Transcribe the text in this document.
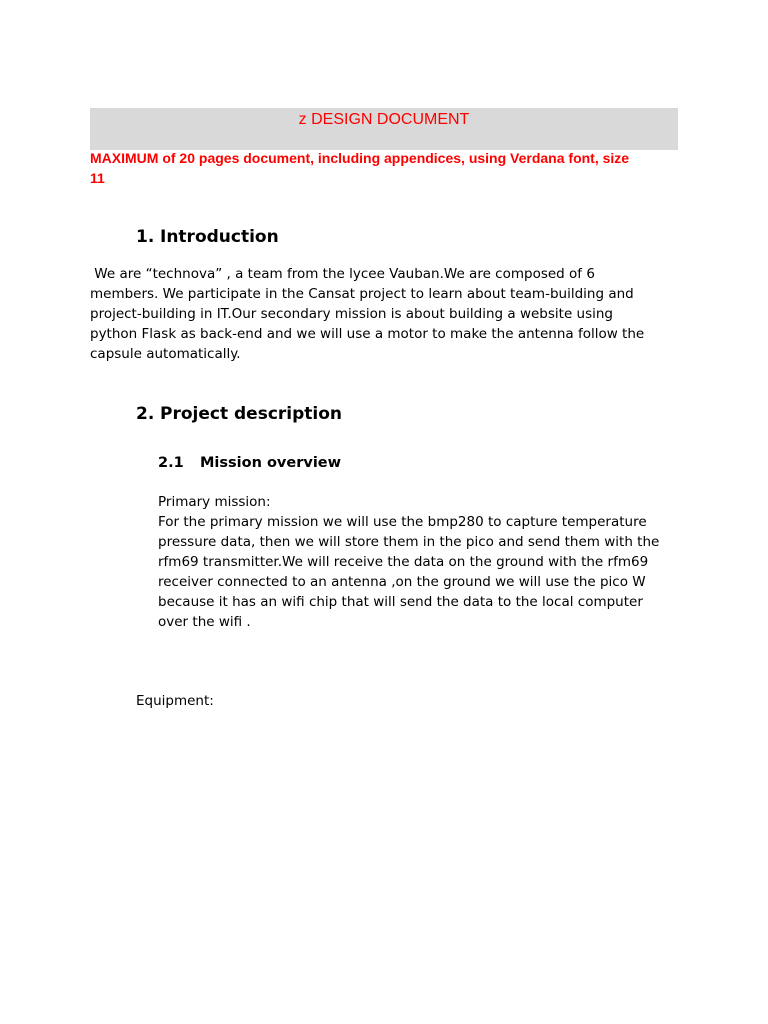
z DESIGN DOCUMENT
MAXIMUM of 20 pages document, including appendices, using Verdana font, size
11
1. Introduction
We are “technova” , a team from the lycee Vauban.We are composed of 6
members. We participate in the Cansat project to learn about team-building and
project-building in IT.Our secondary mission is about building a website using
python Flask as back-end and we will use a motor to make the antenna follow the
capsule automatically.
2. Project description
2.1 Mission overview
Primary mission:
For the primary mission we will use the bmp280 to capture temperature
pressure data, then we will store them in the pico and send them with the
rfm69 transmitter.We will receive the data on the ground with the rfm69
receiver connected to an antenna ,on the ground we will use the pico W
because it has an wifi chip that will send the data to the local computer
over the wifi .
Equipment:
